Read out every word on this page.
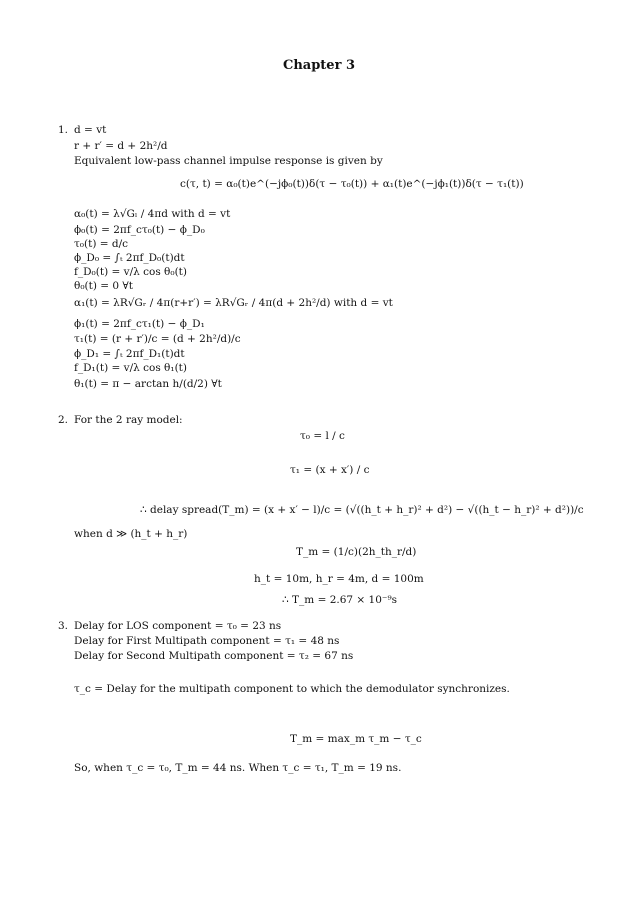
Chapter 3
1. d = vt
r + r′ = d + 2h²/d
Equivalent low-pass channel impulse response is given by
c(τ, t) = α₀(t)e^(−jϕ₀(t))δ(τ − τ₀(t)) + α₁(t)e^(−jϕ₁(t))δ(τ − τ₁(t))
α₀(t) = λ√Gₗ / 4πd with d = vt
ϕ₀(t) = 2πf_cτ₀(t) − ϕ_D₀
τ₀(t) = d/c
ϕ_D₀ = ∫ₜ 2πf_D₀(t)dt
f_D₀(t) = v/λ cos θ₀(t)
θ₀(t) = 0 ∀t
α₁(t) = λR√Gᵣ / 4π(r+r′) = λR√Gᵣ / 4π(d + 2h²/d) with d = vt
ϕ₁(t) = 2πf_cτ₁(t) − ϕ_D₁
τ₁(t) = (r + r′)/c = (d + 2h²/d)/c
ϕ_D₁ = ∫ₜ 2πf_D₁(t)dt
f_D₁(t) = v/λ cos θ₁(t)
θ₁(t) = π − arctan h/(d/2) ∀t
2. For the 2 ray model:
τ₀ = l / c
τ₁ = (x + x′) / c
∴ delay spread(T_m) = (x + x′ − l)/c = (√((h_t + h_r)² + d²) − √((h_t − h_r)² + d²))/c
when d ≫ (h_t + h_r)
T_m = (1/c)(2h_th_r/d)
h_t = 10m, h_r = 4m, d = 100m
∴ T_m = 2.67 × 10⁻⁹s
3. Delay for LOS component = τ₀ = 23 ns
Delay for First Multipath component = τ₁ = 48 ns
Delay for Second Multipath component = τ₂ = 67 ns
τ_c = Delay for the multipath component to which the demodulator synchronizes.
T_m = max_m τ_m − τ_c
So, when τ_c = τ₀, T_m = 44 ns. When τ_c = τ₁, T_m = 19 ns.
